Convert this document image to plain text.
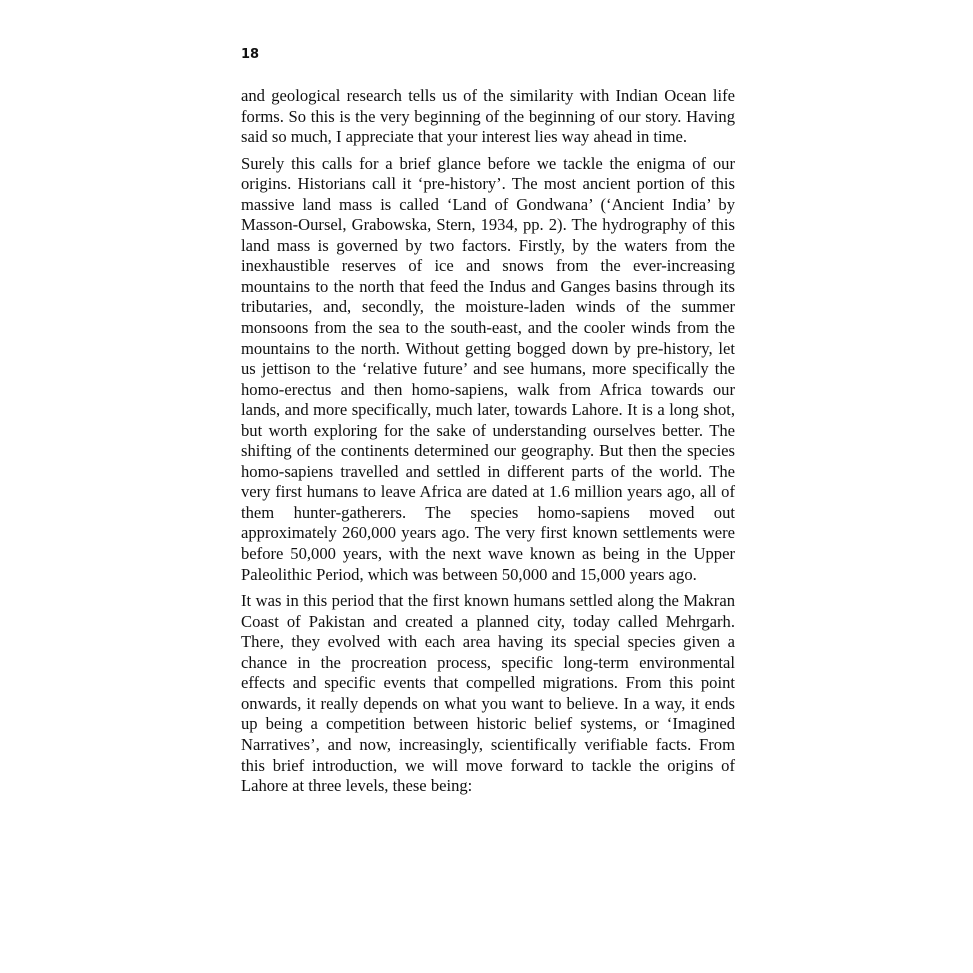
18

and geological research tells us of the similarity with Indian Ocean life forms. So this is the very beginning of the beginning of our story. Having said so much, I appreciate that your interest lies way ahead in time.

Surely this calls for a brief glance before we tackle the enigma of our origins. Historians call it ‘pre-history’. The most ancient portion of this massive land mass is called ‘Land of Gondwana’ (‘Ancient India’ by Masson-Oursel, Grabowska, Stern, 1934, pp. 2). The hydrography of this land mass is governed by two factors. Firstly, by the waters from the inexhaustible reserves of ice and snows from the ever-increasing mountains to the north that feed the Indus and Ganges basins through its tributaries, and, secondly, the moisture-laden winds of the summer monsoons from the sea to the south-east, and the cooler winds from the mountains to the north. Without getting bogged down by pre-history, let us jettison to the ‘relative future’ and see humans, more specifically the homo-erectus and then homo-sapiens, walk from Africa towards our lands, and more specifically, much later, towards Lahore. It is a long shot, but worth exploring for the sake of understanding ourselves better. The shifting of the continents determined our geography. But then the species homo-sapiens travelled and settled in different parts of the world. The very first humans to leave Africa are dated at 1.6 million years ago, all of them hunter-gatherers. The species homo-sapiens moved out approximately 260,000 years ago. The very first known settlements were before 50,000 years, with the next wave known as being in the Upper Paleolithic Period, which was between 50,000 and 15,000 years ago.

It was in this period that the first known humans settled along the Makran Coast of Pakistan and created a planned city, today called Mehrgarh. There, they evolved with each area having its special species given a chance in the procreation process, specific long-term environmental effects and specific events that compelled migrations. From this point onwards, it really depends on what you want to believe. In a way, it ends up being a competition between historic belief systems, or ‘Imagined Narratives’, and now, increasingly, scientifically verifiable facts. From this brief introduction, we will move forward to tackle the origins of Lahore at three levels, these being:
